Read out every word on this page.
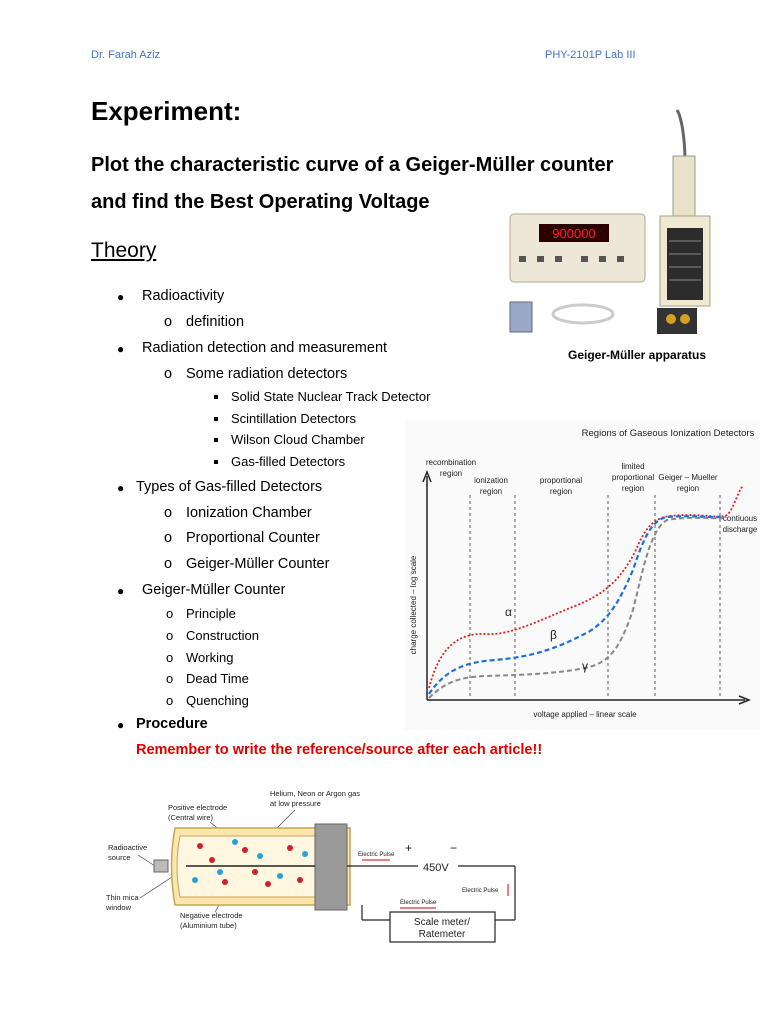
Dr. Farah Aziz	PHY-2101P Lab III
Experiment:
Plot the characteristic curve of a Geiger-Müller counter
and find the Best Operating Voltage
Theory
● Radioactivity
o definition
● Radiation detection and measurement
o Some radiation detectors
Solid State Nuclear Track Detector
Scintillation Detectors
Wilson Cloud Chamber
Gas-filled Detectors
● Types of Gas-filled Detectors
o Ionization Chamber
o Proportional Counter
o Geiger-Müller Counter
● Geiger-Müller Counter
o Principle
o Construction
o Working
o Dead Time
o Quenching
● Procedure
Remember to write the reference/source after each article!!
900000
Geiger-Müller apparatus
Regions of Gaseous Ionization Detectors
recombination
region
ionization
region
proportional
region
limited
proportional
region
Geiger – Mueller
region
contiuous
discharge
charge collected – log scale
voltage applied – linear scale
α
β
γ
Helium, Neon or Argon gas
at low pressure
Positive electrode
(Central wire)
Radioactive
source
Thin mica
window
Negative electrode
(Aluminium tube)
+	−
450V
Electric Pulse
Electric Pulse
Electric Pulse
Scale meter/
Ratemeter
